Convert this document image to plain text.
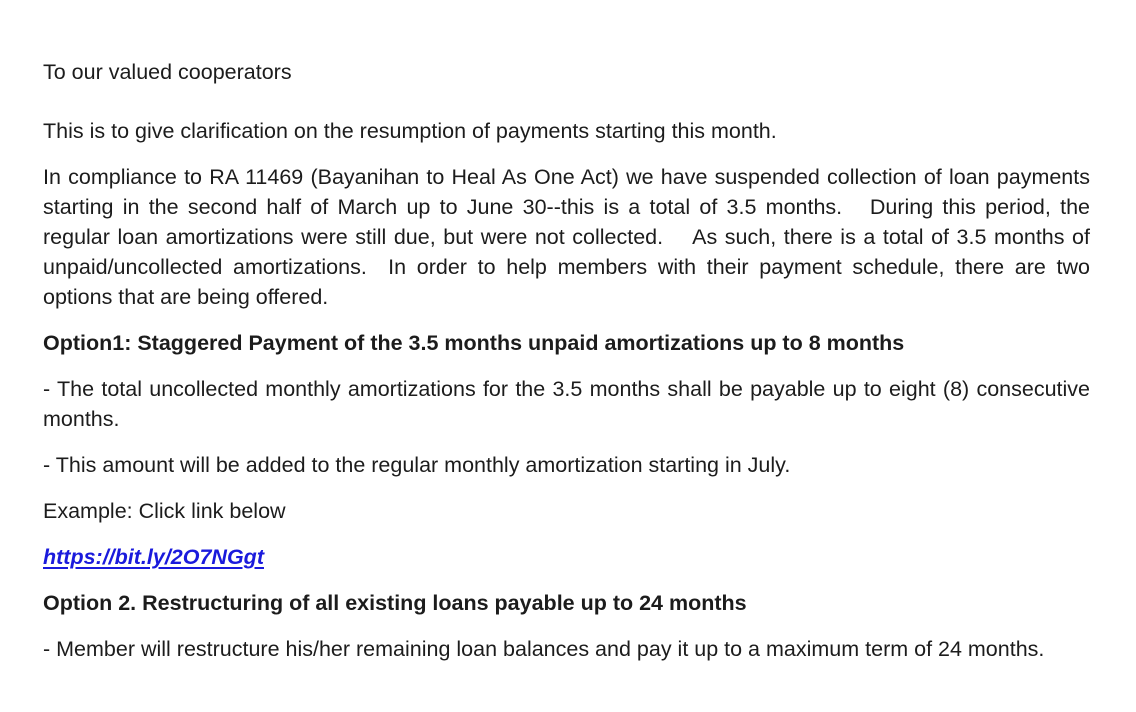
To our valued cooperators

This is to give clarification on the resumption of payments starting this month.

In compliance to RA 11469 (Bayanihan to Heal As One Act) we have suspended collection of loan payments starting in the second half of March up to June 30--this is a total of 3.5 months.   During this period, the regular loan amortizations were still due, but were not collected.    As such, there is a total of 3.5 months of unpaid/uncollected amortizations.  In order to help members with their payment schedule, there are two options that are being offered.

Option1: Staggered Payment of the 3.5 months unpaid amortizations up to 8 months

- The total uncollected monthly amortizations for the 3.5 months shall be payable up to eight (8) consecutive months.

- This amount will be added to the regular monthly amortization starting in July.

Example: Click link below

https://bit.ly/2O7NGgt

Option 2. Restructuring of all existing loans payable up to 24 months

- Member will restructure his/her remaining loan balances and pay it up to a maximum term of 24 months.
